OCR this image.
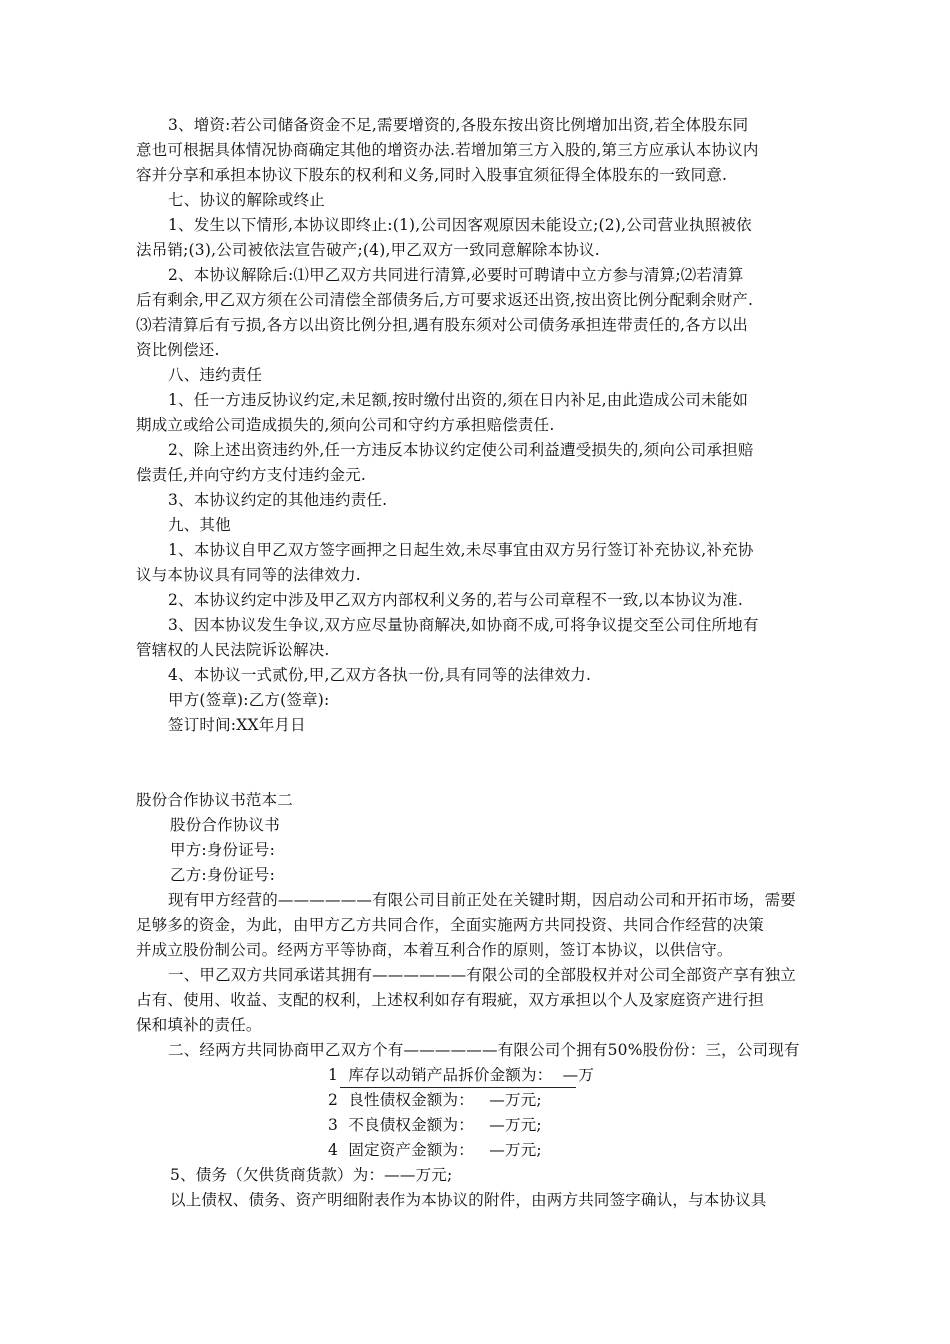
3、增资:若公司储备资金不足,需要增资的,各股东按出资比例增加出资,若全体股东同
意也可根据具体情况协商确定其他的增资办法.若增加第三方入股的,第三方应承认本协议内
容并分享和承担本协议下股东的权利和义务,同时入股事宜须征得全体股东的一致同意.
七、协议的解除或终止
1、发生以下情形,本协议即终止:(1),公司因客观原因未能设立;(2),公司营业执照被依
法吊销;(3),公司被依法宣告破产;(4),甲乙双方一致同意解除本协议.
2、本协议解除后:⑴甲乙双方共同进行清算,必要时可聘请中立方参与清算;⑵若清算
后有剩余,甲乙双方须在公司清偿全部债务后,方可要求返还出资,按出资比例分配剩余财产.
⑶若清算后有亏损,各方以出资比例分担,遇有股东须对公司债务承担连带责任的,各方以出
资比例偿还.
八、违约责任
1、任一方违反协议约定,未足额,按时缴付出资的,须在日内补足,由此造成公司未能如
期成立或给公司造成损失的,须向公司和守约方承担赔偿责任.
2、除上述出资违约外,任一方违反本协议约定使公司利益遭受损失的,须向公司承担赔
偿责任,并向守约方支付违约金元.
3、本协议约定的其他违约责任.
九、其他
1、本协议自甲乙双方签字画押之日起生效,未尽事宜由双方另行签订补充协议,补充协
议与本协议具有同等的法律效力.
2、本协议约定中涉及甲乙双方内部权利义务的,若与公司章程不一致,以本协议为准.
3、因本协议发生争议,双方应尽量协商解决,如协商不成,可将争议提交至公司住所地有
管辖权的人民法院诉讼解决.
4、本协议一式贰份,甲,乙双方各执一份,具有同等的法律效力.
甲方(签章):乙方(签章):
签订时间:XX年月日
股份合作协议书范本二
股份合作协议书
甲方:身份证号:
乙方:身份证号:
现有甲方经营的——————有限公司目前正处在关键时期，因启动公司和开拓市场，需要
足够多的资金，为此，由甲方乙方共同合作，全面实施两方共同投资、共同合作经营的决策
并成立股份制公司。经两方平等协商，本着互利合作的原则，签订本协议，以供信守。
一、甲乙双方共同承诺其拥有——————有限公司的全部股权并对公司全部资产享有独立
占有、使用、收益、支配的权利，上述权利如存有瑕疵，双方承担以个人及家庭资产进行担
保和填补的责任。
二、经两方共同协商甲乙双方个有——————有限公司个拥有50%股份份：三，公司现有
1  库存以动销产品拆价金额为：  —万
2  良性债权金额为：   —万元;
3  不良债权金额为：   —万元;
4  固定资产金额为：   —万元;
5、债务（欠供货商货款）为：——万元;
以上债权、债务、资产明细附表作为本协议的附件，由两方共同签字确认，与本协议具
